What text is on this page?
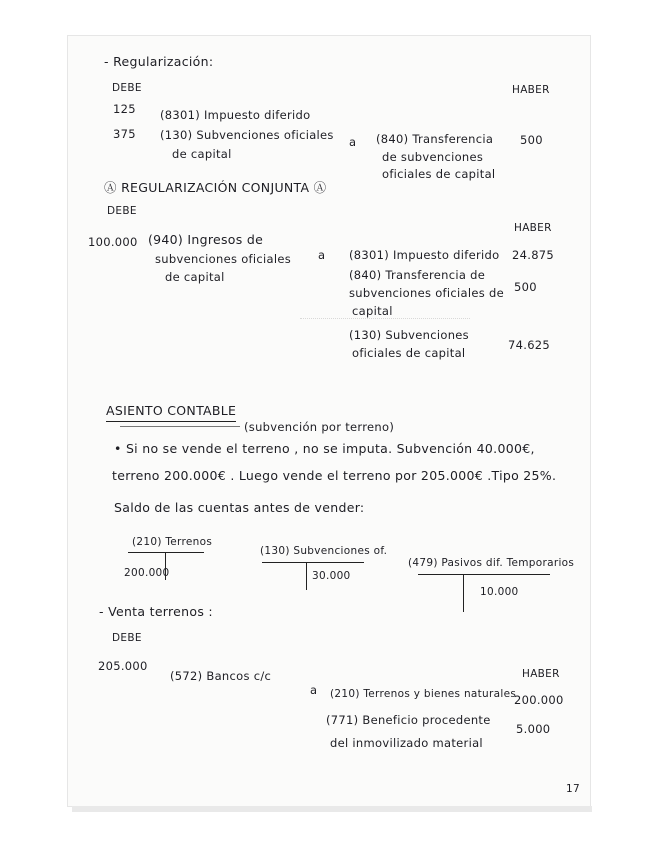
- Regularización:
DEBE	HABER
125 (8301) Impuesto diferido
375 (130) Subvenciones oficiales
de capital
a (840) Transferencia
de subvenciones
oficiales de capital
500
Ⓐ REGULARIZACIÓN CONJUNTA Ⓐ
DEBE
HABER
100.000 (940) Ingresos de
subvenciones oficiales
de capital
a (8301) Impuesto diferido 24.875
(840) Transferencia de
subvenciones oficiales de
capital
500
(130) Subvenciones
oficiales de capital
74.625
ASIENTO CONTABLE
(subvención por terreno)
• Si no se vende el terreno , no se imputa. Subvención 40.000€,
terreno 200.000€ . Luego vende el terreno por 205.000€ .Tipo 25%.
Saldo de las cuentas antes de vender:
(210) Terrenos
200.000
(130) Subvenciones of.
30.000
(479) Pasivos dif. Temporarios
10.000
- Venta terrenos :
DEBE
HABER
205.000
(572) Bancos c/c
a (210) Terrenos y bienes naturales
200.000
(771) Beneficio procedente
del inmovilizado material
5.000
17
